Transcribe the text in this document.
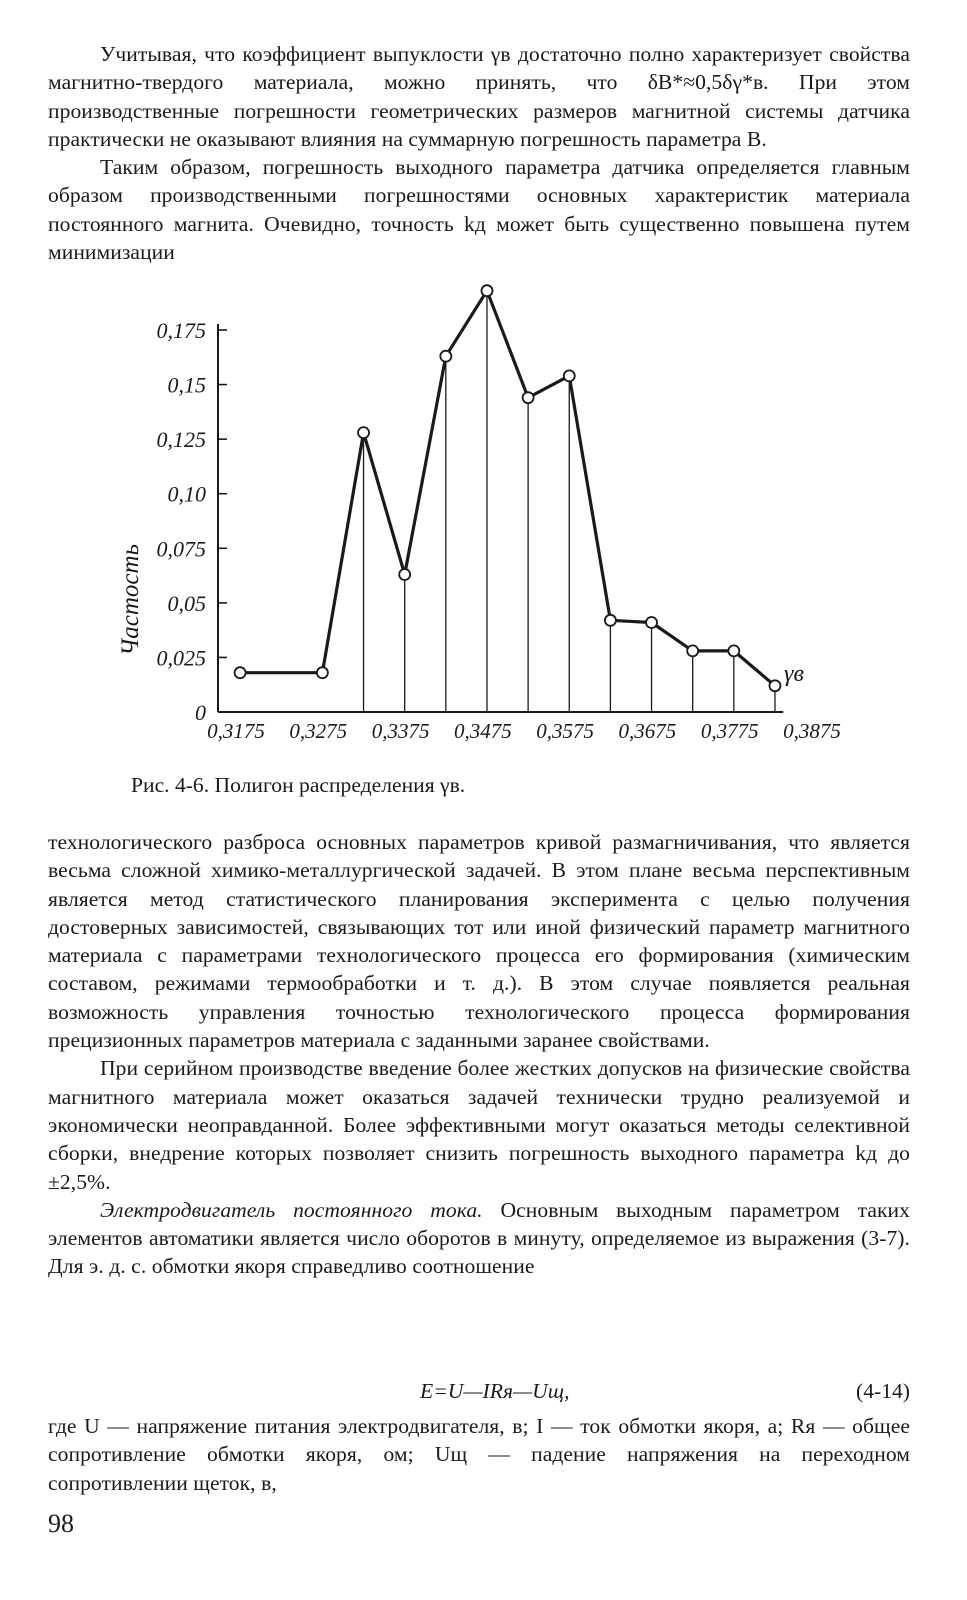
Учитывая, что коэффициент выпуклости γв достаточно полно характеризует свойства магнитно-твердого материала, можно принять, что δB*≈0,5δγ*в. При этом производственные погрешности геометрических размеров магнитной системы датчика практически не оказывают влияния на суммарную погрешность параметра B.

Таким образом, погрешность выходного параметра датчика определяется главным образом производственными погрешностями основных характеристик материала постоянного магнита. Очевидно, точность kд может быть существенно повышена путем минимизации

0
0,025
0,05
0,075
0,10
0,125
0,15
0,175
0,3175 0,3275 0,3375 0,3475 0,3575 0,3675 0,3775 0,3875
Частость
γв
Рис. 4-6. Полигон распределения γв.

технологического разброса основных параметров кривой размагничивания, что является весьма сложной химико-металлургической задачей. В этом плане весьма перспективным является метод статистического планирования эксперимента с целью получения достоверных зависимостей, связывающих тот или иной физический параметр магнитного материала с параметрами технологического процесса его формирования (химическим составом, режимами термообработки и т. д.). В этом случае появляется реальная возможность управления точностью технологического процесса формирования прецизионных параметров материала с заданными заранее свойствами.

При серийном производстве введение более жестких допусков на физические свойства магнитного материала может оказаться задачей технически трудно реализуемой и экономически неоправданной. Более эффективными могут оказаться методы селективной сборки, внедрение которых позволяет снизить погрешность выходного параметра kд до ±2,5%.

Электродвигатель постоянного тока. Основным выходным параметром таких элементов автоматики является число оборотов в минуту, определяемое из выражения (3-7). Для э. д. с. обмотки якоря справедливо соотношение

E=U—IRя—Uщ,	(4-14)

где U — напряжение питания электродвигателя, в; I — ток обмотки якоря, а; Rя — общее сопротивление обмотки якоря, ом; Uщ — падение напряжения на переходном сопротивлении щеток, в,

98
